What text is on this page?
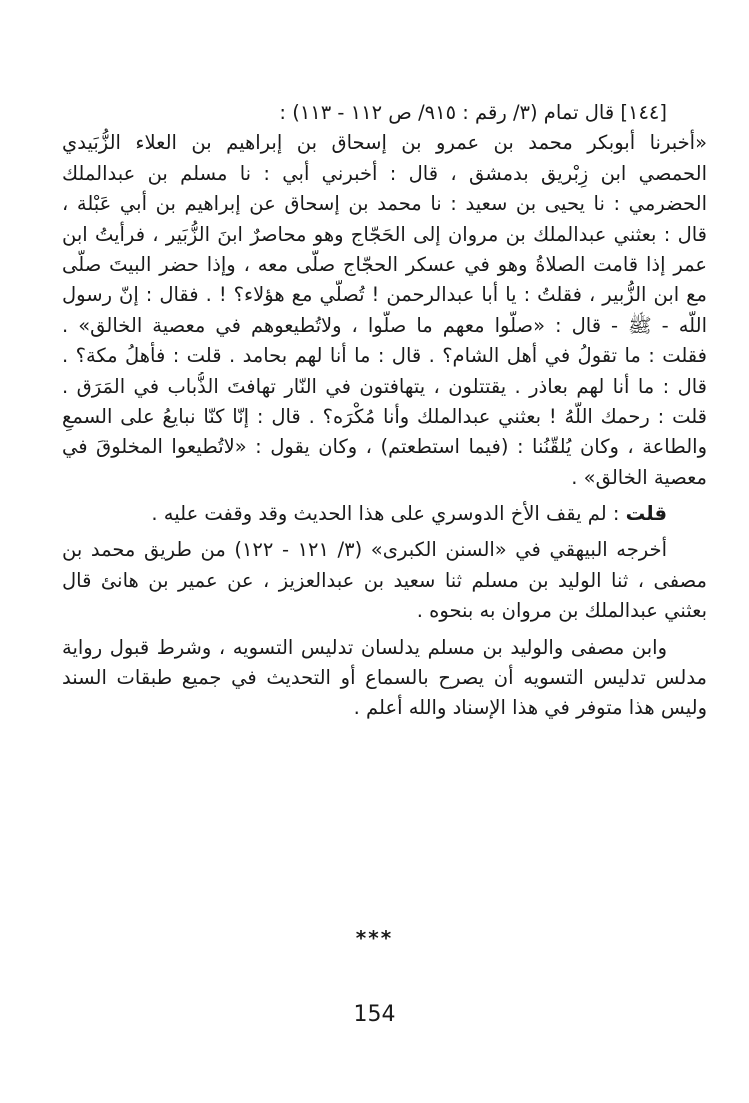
[١٤٤] قال تمام (٣/ رقم : ٩١٥/ ص ١١٢ - ١١٣) :
«أخبرنا أبوبكر محمد بن عمرو بن إسحاق بن إبراهيم بن العلاء الزُّبَيدي
الحمصي ابن زِبْريق بدمشق ، قال : أخبرني أبي : نا مسلم بن عبدالملك
الحضرمي : نا يحيى بن سعيد : نا محمد بن إسحاق عن إبراهيم بن أبي عَبْلة ،
قال : بعثني عبدالملك بن مروان إلى الحَجّاج وهو محاصرٌ ابنَ الزُّبَير ، فرأيتُ ابن
عمر إذا قامت الصلاةُ وهو في عسكر الحجّاج صلّى معه ، وإذا حضر البيتَ صلّى
مع ابن الزُّبير ، فقلتُ : يا أبا عبدالرحمن ! تُصلّي مع هؤلاء؟ ! . فقال : إنّ رسول
اللّه - ﷺ - قال : «صلُّوا معهم ما صلُّوا ، ولاتُطيعوهم في معصية الخالق» .
فقلت : ما تقولُ في أهل الشام؟ . قال : ما أنا لهم بحامد . قلت : فأهلُ مكة؟ .
قال : ما أنا لهم بعاذر . يقتتلون ، يتهافتون في النّار تهافتَ الذُّباب في المَرَق .
قلت : رحمك اللّهُ ! بعثني عبدالملك وأنا مُكْرَه؟ . قال : إنّا كنّا نبايعُ على السمعِ
والطاعة ، وكان يُلقّنُنا : (فيما استطعتم) ، وكان يقول : «لاتُطيعوا المخلوقَ في
معصية الخالق» .
قلت : لم يقف الأخ الدوسري على هذا الحديث وقد وقفت عليه .
أخرجه البيهقي في «السنن الكبرى» (٣/ ١٢١ - ١٢٢) من طريق محمد بن
مصفى ، ثنا الوليد بن مسلم ثنا سعيد بن عبدالعزيز ، عن عمير بن هانئ قال
بعثني عبدالملك بن مروان به بنحوه .
وابن مصفى والوليد بن مسلم يدلسان تدليس التسويه ، وشرط قبول رواية
مدلس تدليس التسويه أن يصرح بالسماع أو التحديث في جميع طبقات السند
وليس هذا متوفر في هذا الإسناد والله أعلم .
***
154
